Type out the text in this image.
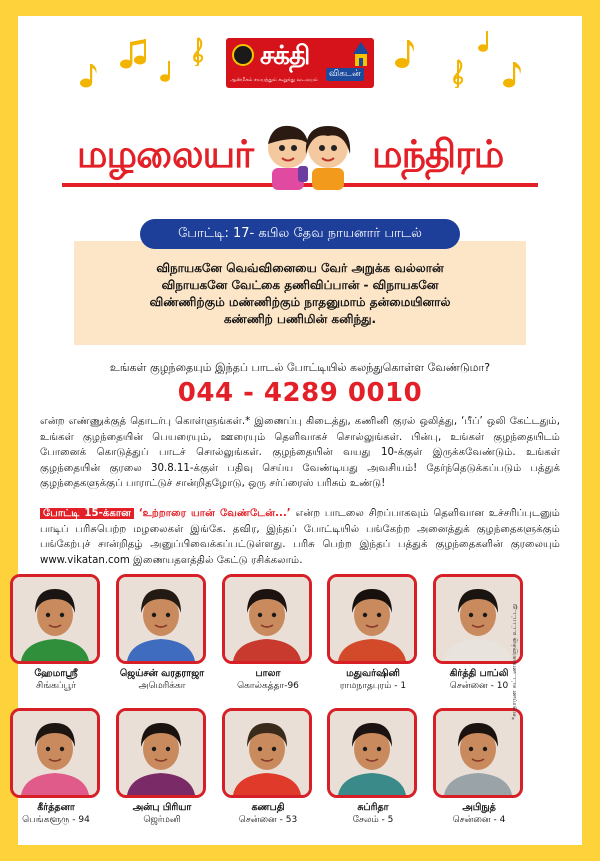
சக்தி
விகடன்
ஆன்மீகம் சமயத்தும் கூறுந்து வடமயம்
மழலையர்	மந்திரம்
போட்டி: 17- கபில தேவ நாயனார் பாடல்
விநாயகனே வெவ்வினையை வேர் அறுக்க வல்லான்
விநாயகனே வேட்கை தணிவிப்பான் - விநாயகனே
விண்ணிற்கும் மண்ணிற்கும் நாதனுமாம் தன்மையினால்
கண்ணிற் பணிமின் கனிந்து.
உங்கள் குழந்தையும் இந்தப் பாடல் போட்டியில் கலந்துகொள்ள வேண்டுமா?
044 - 4289 0010
என்ற எண்ணுக்குத் தொடர்பு கொள்ளுங்கள்.* இணைப்பு கிடைத்து, கணினி குரல் ஒலித்து, ‘பீப்’ ஒலி கேட்டதும், உங்கள் குழந்தையின் பெயரையும், ஊரையும் தெளிவாகச் சொல்லுங்கள். பின்பு, உங்கள் குழந்தையிடம் போனைக் கொடுத்துப் பாடச் சொல்லுங்கள். குழந்தையின் வயது 10-க்குள் இருக்கவேண்டும். உங்கள் குழந்தையின் குரலை 30.8.11-க்குள் பதிவு செய்ய வேண்டியது அவசியம்! தேர்ந்தெடுக்கப்படும் பத்துக் குழந்தைகளுக்குப் பாராட்டுச் சான்றிதழோடு, ஒரு சர்ப்ரைஸ் பரிசும் உண்டு!
போட்டி 15-க்கான ‘உற்றாரை யான் வேண்டேன்...’ என்ற பாடலை சிறப்பாகவும் தெளிவான உச்சரிப்புடனும் பாடிப் பரிசுபெற்ற மழலைகள் இங்கே. தவிர, இந்தப் போட்டியில் பங்கேற்ற அனைத்துக் குழந்தைகளுக்கும் பங்கேற்புச் சான்றிதழ் அனுப்பிவைக்கப்பட்டுள்ளது. பரிசு பெற்ற இந்தப் பத்துக் குழந்தைகளின் குரலையும் www.vikatan.com இணையதளத்தில் கேட்டு ரசிக்கலாம்.
ஹேமாஸ்ரீ
சிங்கப்பூர்
ஜெய்சன் வரதராஜா
அமெரிக்கா
பாலா
கொல்கத்தா-96
மதுவர்ஷினி
ராமநாதபுரம் - 1
கிர்த்தி பாப்லி
சென்னை - 10
கீர்த்தனா
பெங்களூரு - 94
அன்பு பிரியா
ஜெர்மனி
கணபதி
சென்னை - 53
சுப்ரிதா
சேலம் - 5
அபிநுத்
சென்னை - 4
*சாதாரண கட்டணங்களுக்கு உட்பட்டது
